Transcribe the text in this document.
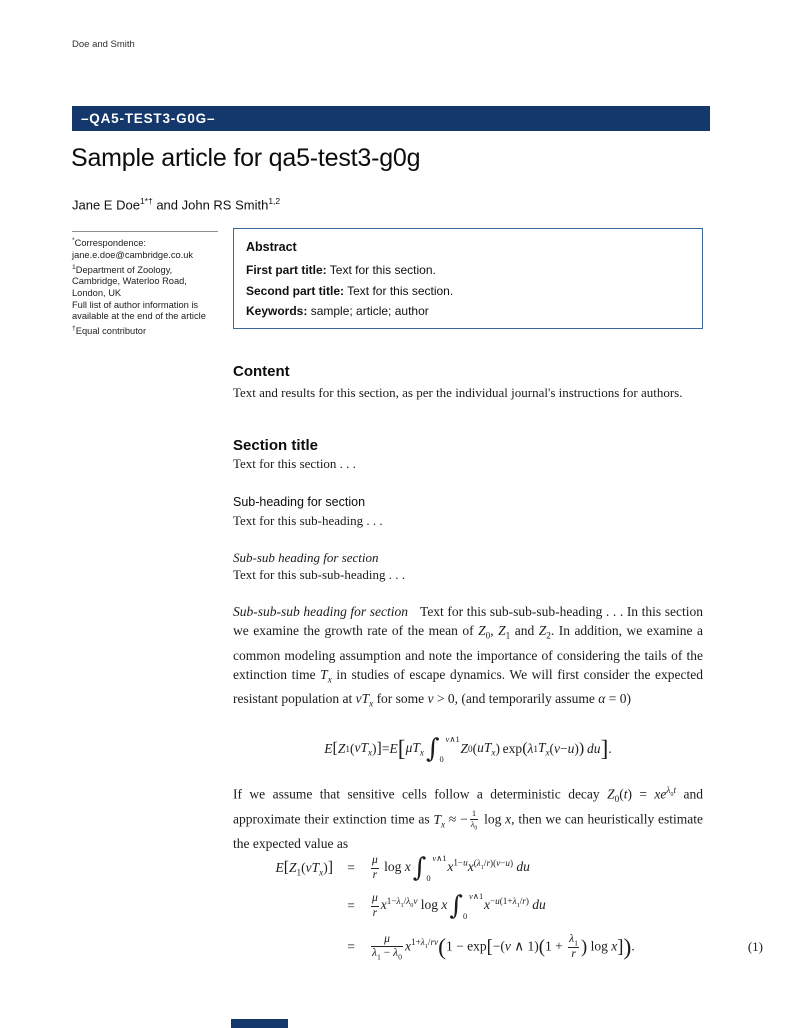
Doe and Smith
–QA5-TEST3-G0G–
Sample article for qa5-test3-g0g
Jane E Doe$^{1*\dagger}$ and John RS Smith$^{1,2}$
*Correspondence:
jane.e.doe@cambridge.co.uk
$^1$Department of Zoology,
Cambridge, Waterloo Road,
London, UK
Full list of author information is
available at the end of the article
†Equal contributor
Abstract
First part title: Text for this section.
Second part title: Text for this section.
Keywords: sample; article; author
Content
Text and results for this section, as per the individual journal's instructions for authors.
Section title
Text for this section . . .
Sub-heading for section
Text for this sub-heading . . .
Sub-sub heading for section
Text for this sub-sub-heading . . .
Sub-sub-sub heading for section Text for this sub-sub-sub-heading . . . In this section we examine the growth rate of the mean of $Z_0$, $Z_1$ and $Z_2$. In addition, we examine a common modeling assumption and note the importance of considering the tails of the extinction time $T_x$ in studies of escape dynamics. We will first consider the expected resistant population at $vT_x$ for some v > 0, (and temporarily assume α = 0)
E [ Z 1 ( $vT_x$ ) ] = E [ $\mu T_x$ ∫ v∧1
0
Z 0 ( $uT_x$ ) exp ( λ 1 $T_x$ ( v − u ) )
  du ] .
If we assume that sensitive cells follow a deterministic decay $Z_0(t) = xe^{\lambda_0t}$ and approximate their extinction time as $T_x$ ≈ − $\frac{1}{\lambda_0}$ log x, then we can heuristically estimate the expected value as
$E[Z_1(vT_x)]$	=	$\frac{\mu}{r}$ log x∫ v∧1
0
$x^{1-u}x^{(\lambda_1/r)(v-u)}$ du
=	$\frac{\mu}{r} x^{1-\lambda_1/\lambda_0v}$ log x∫ v∧1
0
$x^{-u(1+\lambda_1/r)}$ du
=	$\frac{\mu}{\lambda_1 - \lambda_0} x^{1+\lambda_1/rv}(1 - \exp[-(v$ ∧ $1)(1 + \frac{\lambda_1}{r}$ ) log x]).	(1)
